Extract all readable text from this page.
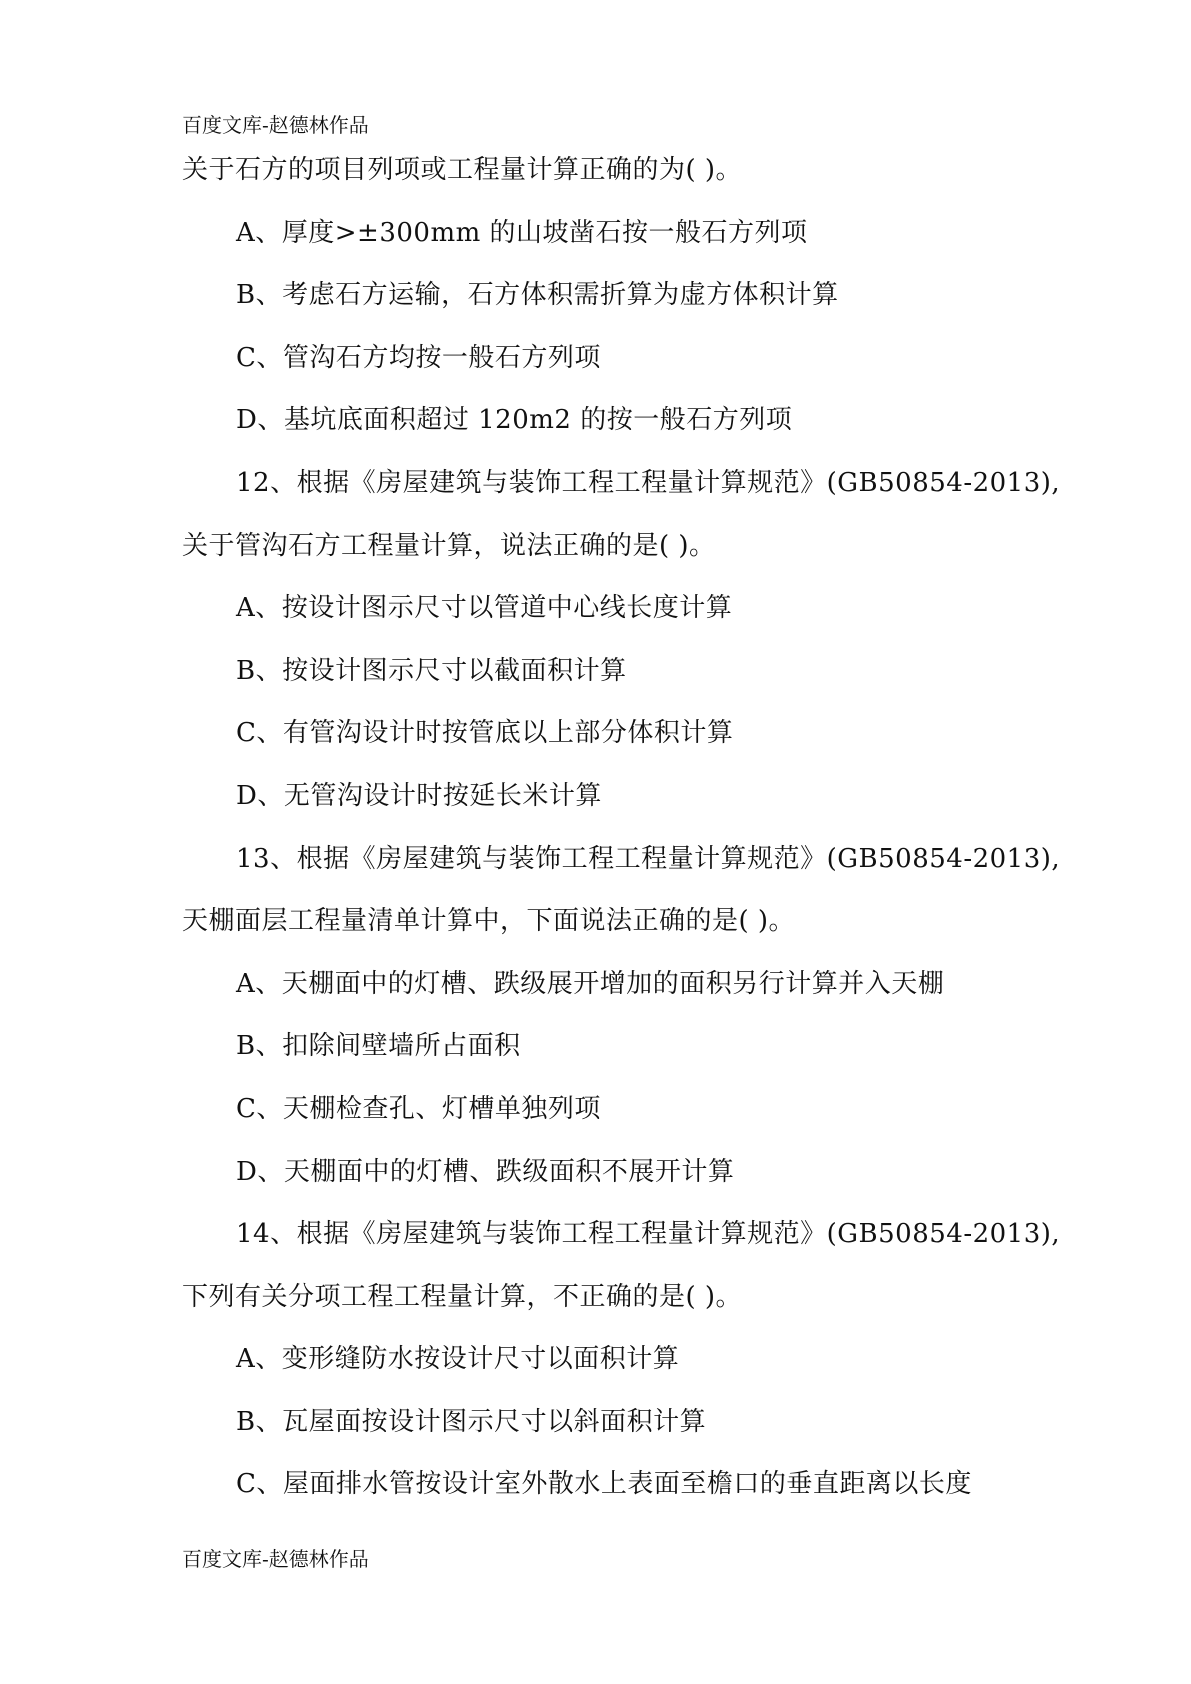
百度文库-赵德林作品
关于石方的项目列项或工程量计算正确的为( )。
A、厚度>±300mm 的山坡凿石按一般石方列项
B、考虑石方运输，石方体积需折算为虚方体积计算
C、管沟石方均按一般石方列项
D、基坑底面积超过 120m2 的按一般石方列项
12、根据《房屋建筑与装饰工程工程量计算规范》(GB50854-2013),
关于管沟石方工程量计算，说法正确的是( )。
A、按设计图示尺寸以管道中心线长度计算
B、按设计图示尺寸以截面积计算
C、有管沟设计时按管底以上部分体积计算
D、无管沟设计时按延长米计算
13、根据《房屋建筑与装饰工程工程量计算规范》(GB50854-2013),
天棚面层工程量清单计算中，下面说法正确的是( )。
A、天棚面中的灯槽、跌级展开增加的面积另行计算并入天棚
B、扣除间壁墙所占面积
C、天棚检查孔、灯槽单独列项
D、天棚面中的灯槽、跌级面积不展开计算
14、根据《房屋建筑与装饰工程工程量计算规范》(GB50854-2013),
下列有关分项工程工程量计算，不正确的是( )。
A、变形缝防水按设计尺寸以面积计算
B、瓦屋面按设计图示尺寸以斜面积计算
C、屋面排水管按设计室外散水上表面至檐口的垂直距离以长度
百度文库-赵德林作品
